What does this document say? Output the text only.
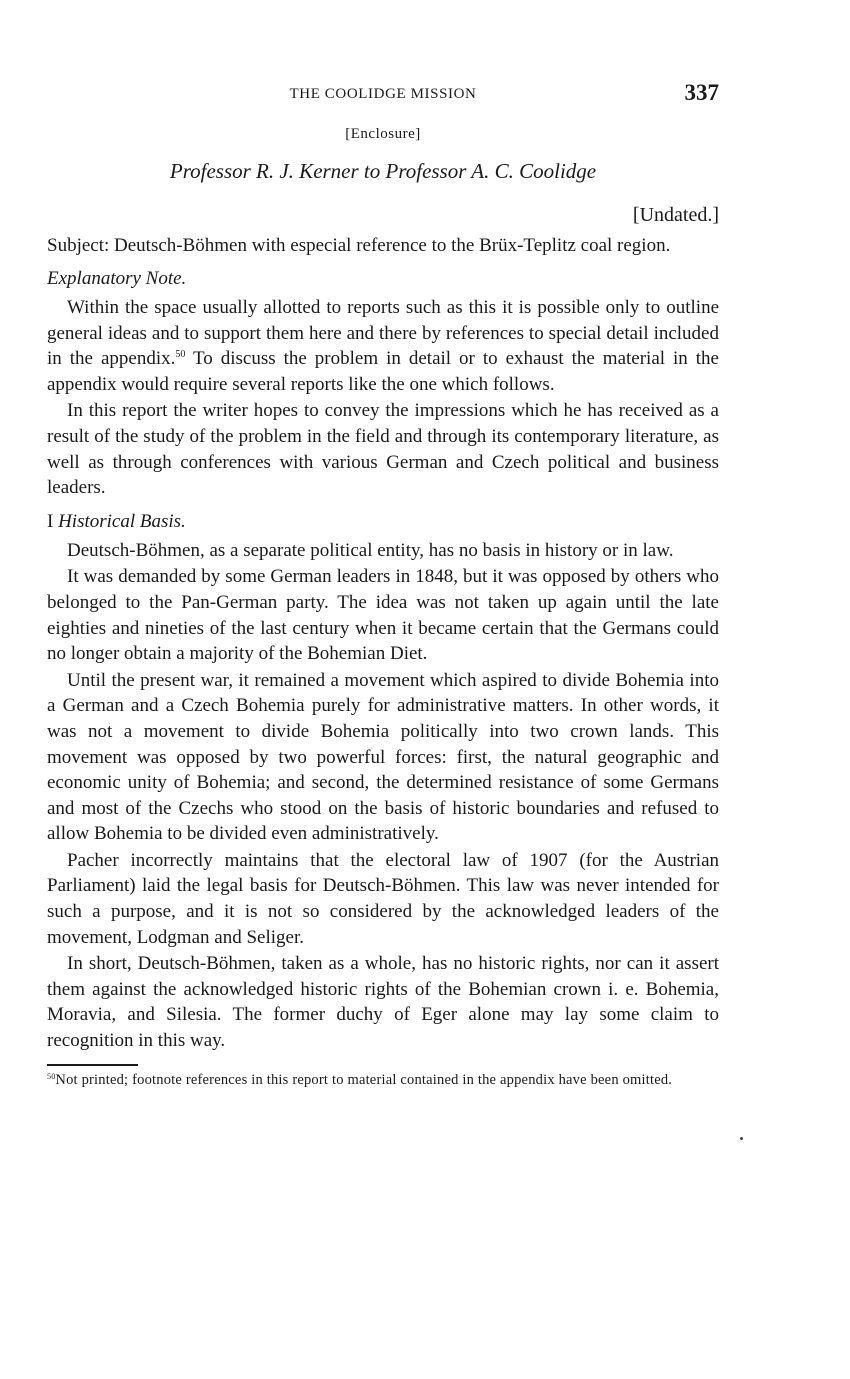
THE COOLIDGE MISSION	337
[Enclosure]
Professor R. J. Kerner to Professor A. C. Coolidge
[Undated.]
Subject: Deutsch-Böhmen with especial reference to the Brüx-Teplitz coal region.
Explanatory Note.

Within the space usually allotted to reports such as this it is possible only to outline general ideas and to support them here and there by references to special detail included in the appendix.$^{50}$ To discuss the problem in detail or to exhaust the material in the appendix would require several reports like the one which follows.

In this report the writer hopes to convey the impressions which he has received as a result of the study of the problem in the field and through its contemporary literature, as well as through conferences with various German and Czech political and business leaders.

I Historical Basis.

Deutsch-Böhmen, as a separate political entity, has no basis in history or in law.

It was demanded by some German leaders in 1848, but it was opposed by others who belonged to the Pan-German party. The idea was not taken up again until the late eighties and nineties of the last century when it became certain that the Germans could no longer obtain a majority of the Bohemian Diet.

Until the present war, it remained a movement which aspired to divide Bohemia into a German and a Czech Bohemia purely for administrative matters. In other words, it was not a movement to divide Bohemia politically into two crown lands. This movement was opposed by two powerful forces: first, the natural geographic and economic unity of Bohemia; and second, the determined resistance of some Germans and most of the Czechs who stood on the basis of historic boundaries and refused to allow Bohemia to be divided even administratively.

Pacher incorrectly maintains that the electoral law of 1907 (for the Austrian Parliament) laid the legal basis for Deutsch-Böhmen. This law was never intended for such a purpose, and it is not so considered by the acknowledged leaders of the movement, Lodgman and Seliger.

In short, Deutsch-Böhmen, taken as a whole, has no historic rights, nor can it assert them against the acknowledged historic rights of the Bohemian crown i. e. Bohemia, Moravia, and Silesia. The former duchy of Eger alone may lay some claim to recognition in this way.

$^{50}$Not printed; footnote references in this report to material contained in the appendix have been omitted.
